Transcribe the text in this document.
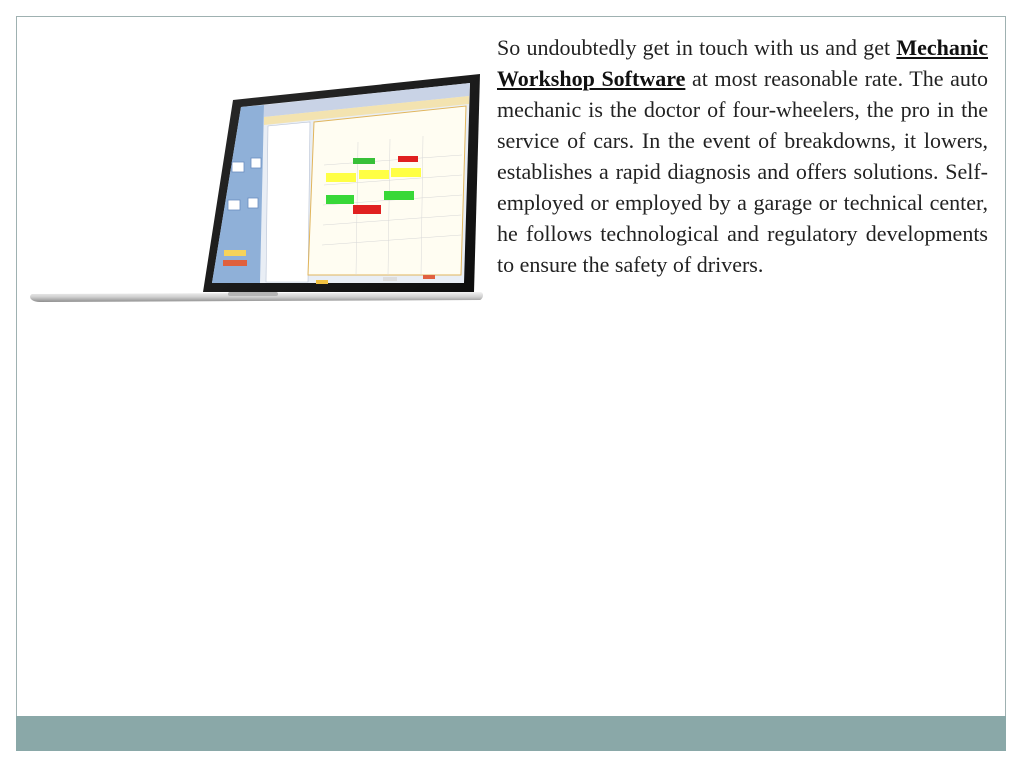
So undoubtedly get in touch with us and get Mechanic Workshop Software at most reasonable rate. The auto mechanic is the doctor of four-wheelers, the pro in the service of cars. In the event of breakdowns, it lowers, establishes a rapid diagnosis and offers solutions. Self-employed or employed by a garage or technical center, he follows technological and regulatory developments to ensure the safety of drivers.
